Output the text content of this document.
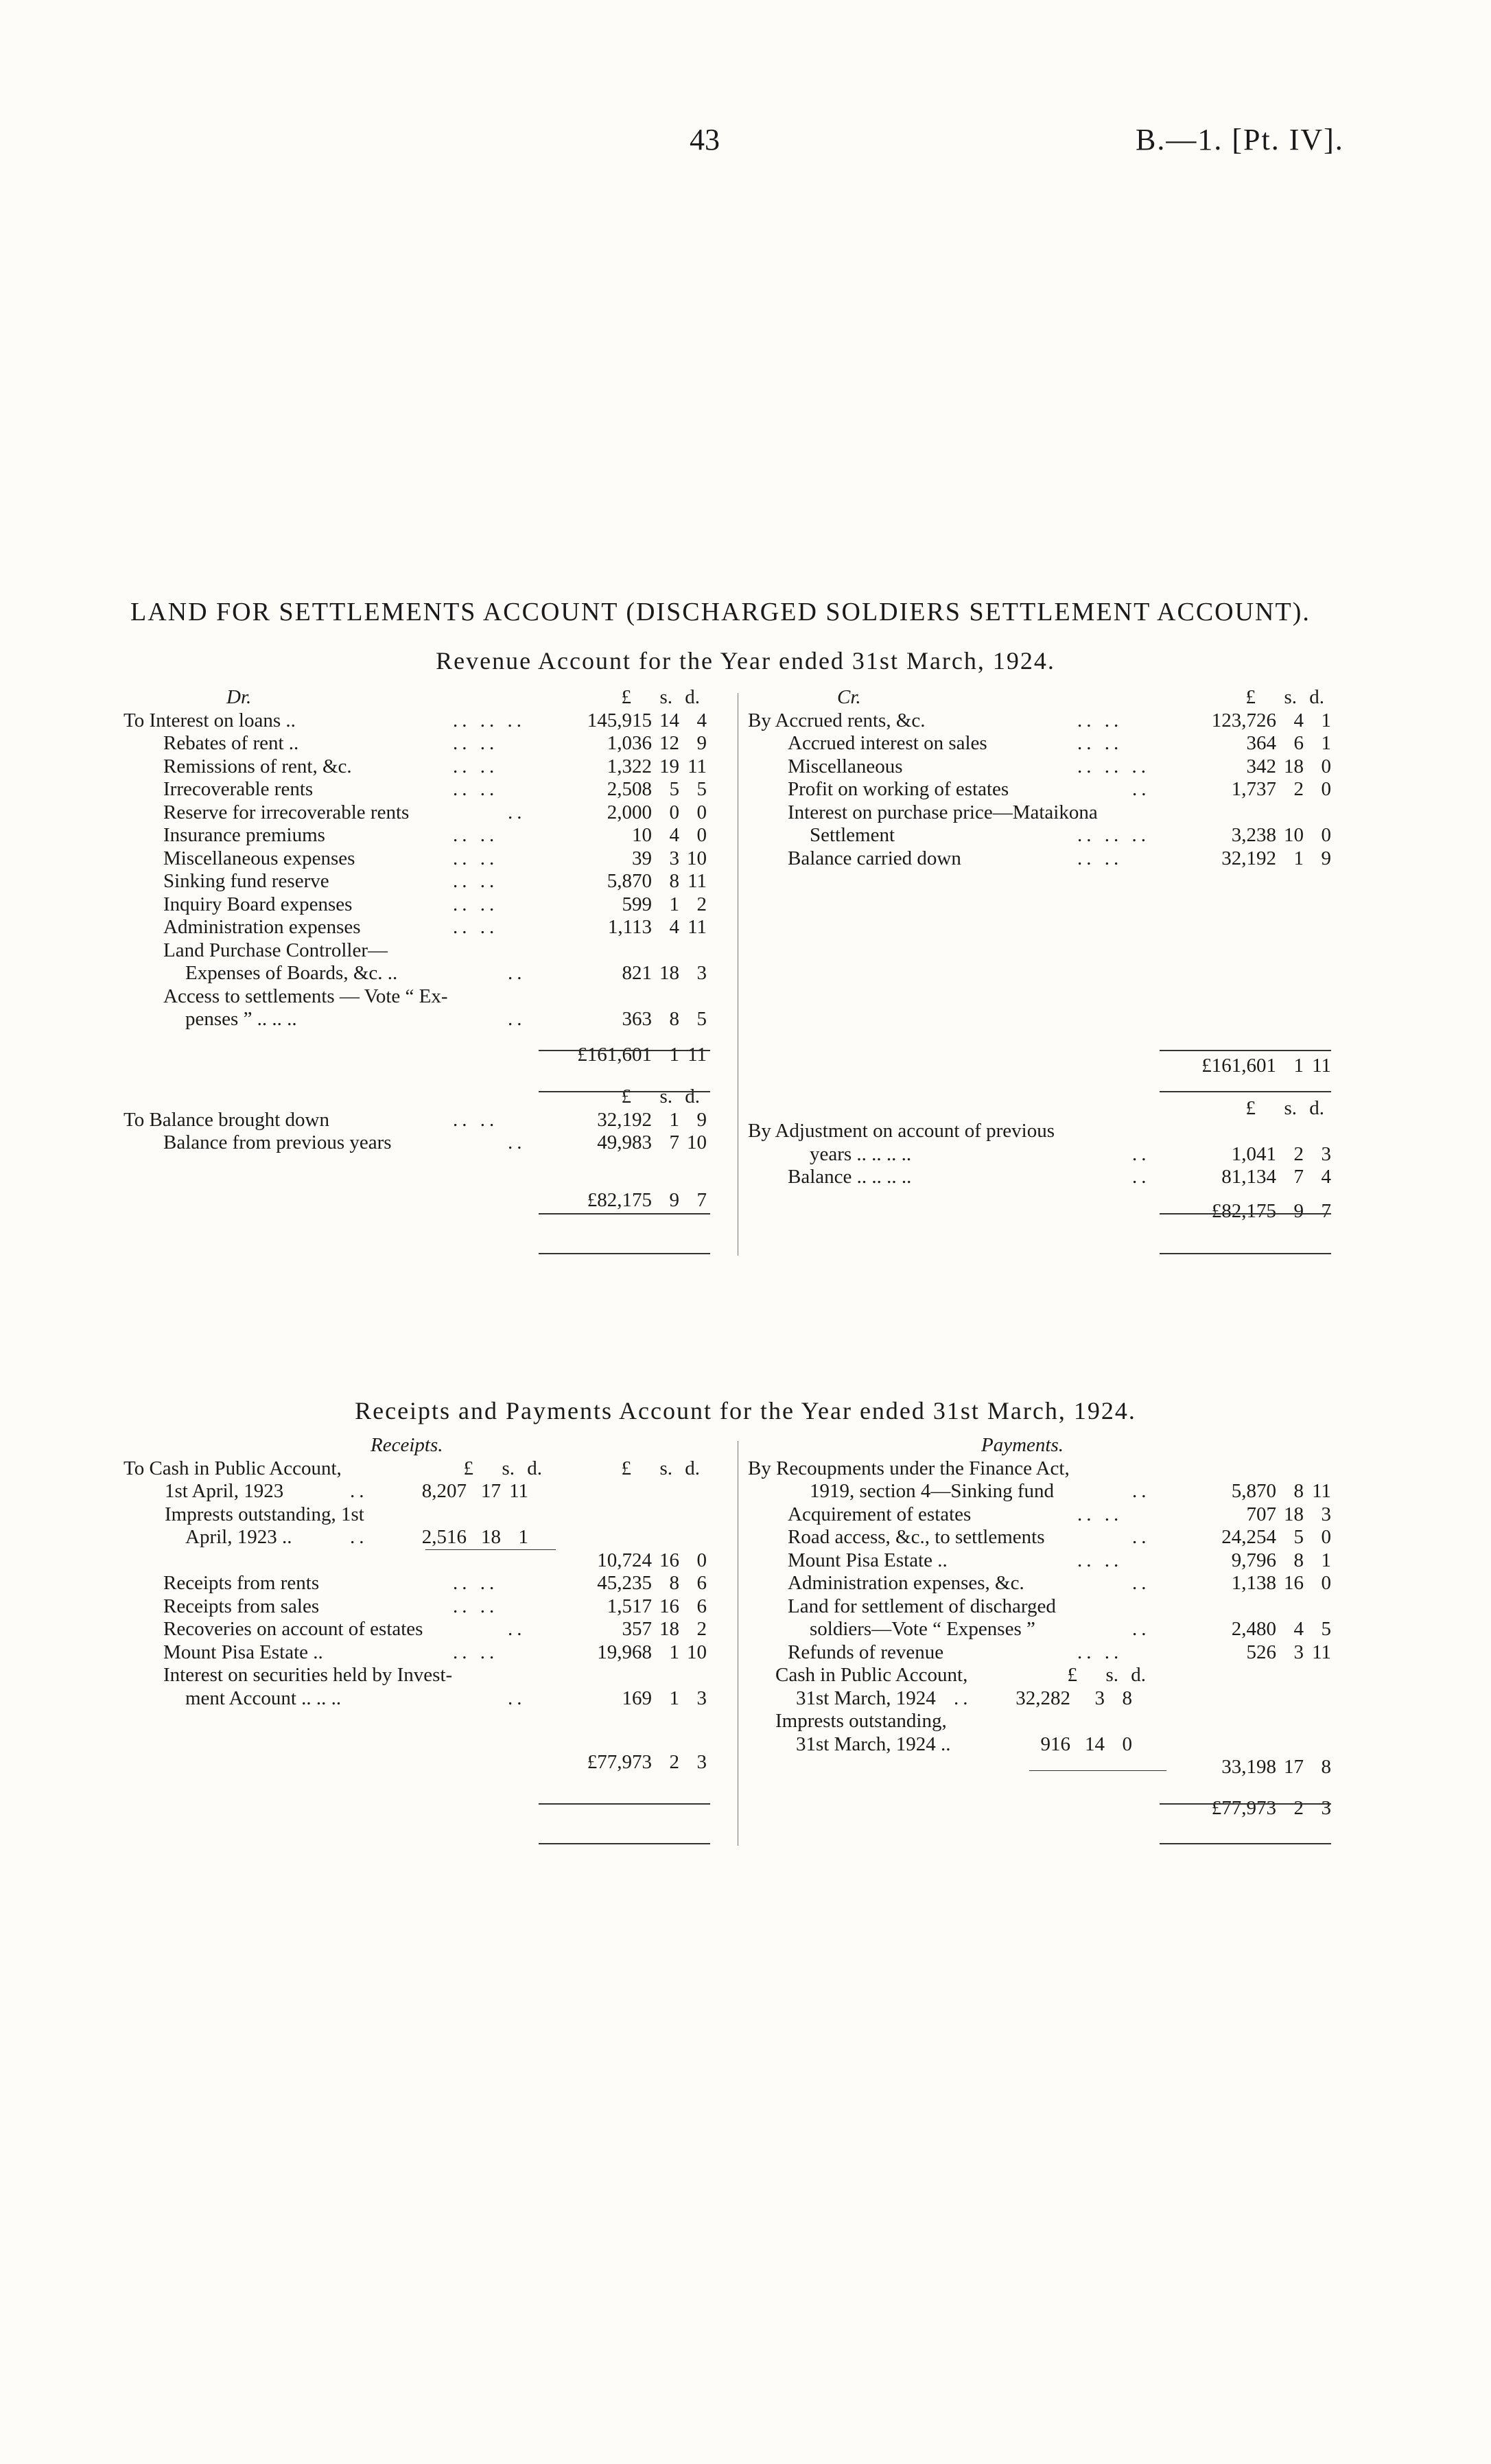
43	B.—1. [Pt. IV].
LAND FOR SETTLEMENTS ACCOUNT (DISCHARGED SOLDIERS SETTLEMENT ACCOUNT).
Revenue Account for the Year ended 31st March, 1924.
Dr.	£	s. d.
To Interest on loans ..	.. .. ..	145,915 14 4
Rebates of rent ..	.. ..	1,036 12 9
Remissions of rent, &c.	.. ..	1,322 19 11
Irrecoverable rents	.. ..	2,508 5 5
Reserve for irrecoverable rents	..	2,000 0 0
Insurance premiums	.. ..	10 4 0
Miscellaneous expenses	.. ..	39 3 10
Sinking fund reserve	.. ..	5,870 8 11
Inquiry Board expenses	.. ..	599 1 2
Administration expenses	.. ..	1,113 4 11
Land Purchase Controller—
Expenses of Boards, &c. ..	..	821 18 3
Access to settlements — Vote “ Ex-
penses ” .. .. ..	..	363 8 5
£161,601 1 11
£	s. d.
To Balance brought down	.. ..	32,192 1 9
Balance from previous years	..	49,983 7 10
£82,175 9 7
Cr.	£	s. d.
By Accrued rents, &c.	.. ..	123,726 4 1
Accrued interest on sales	.. ..	364 6 1
Miscellaneous	.. .. ..	342 18 0
Profit on working of estates	..	1,737 2 0
Interest on purchase price—Mataikona
Settlement	.. .. ..	3,238 10 0
Balance carried down	.. ..	32,192 1 9
£161,601 1 11
£	s. d.
By Adjustment on account of previous
years .. .. .. ..	..	1,041 2 3
Balance .. .. .. ..	..	81,134 7 4
£82,175 9 7
Receipts and Payments Account for the Year ended 31st March, 1924.
Receipts.
To Cash in Public Account,	£	s. d.	£	s. d.
1st April, 1923	..	8,207 17 11
Imprests outstanding, 1st
April, 1923 ..	..	2,516 18 1
10,724 16 0
Receipts from rents	.. ..	45,235 8 6
Receipts from sales	.. ..	1,517 16 6
Recoveries on account of estates	..	357 18 2
Mount Pisa Estate ..	.. ..	19,968 1 10
Interest on securities held by Invest-
ment Account .. .. ..	..	169 1 3
£77,973 2 3
Payments.
By Recoupments under the Finance Act,
1919, section 4—Sinking fund	..	5,870 8 11
Acquirement of estates	.. ..	707 18 3
Road access, &c., to settlements	..	24,254 5 0
Mount Pisa Estate ..	.. ..	9,796 8 1
Administration expenses, &c.	..	1,138 16 0
Land for settlement of discharged
soldiers—Vote “ Expenses ”	..	2,480 4 5
Refunds of revenue	.. ..	526 3 11
Cash in Public Account,	£	s. d.
31st March, 1924 ..	32,282	3 8
Imprests outstanding,
31st March, 1924 ..	916 14 0
33,198 17 8
£77,973 2 3
